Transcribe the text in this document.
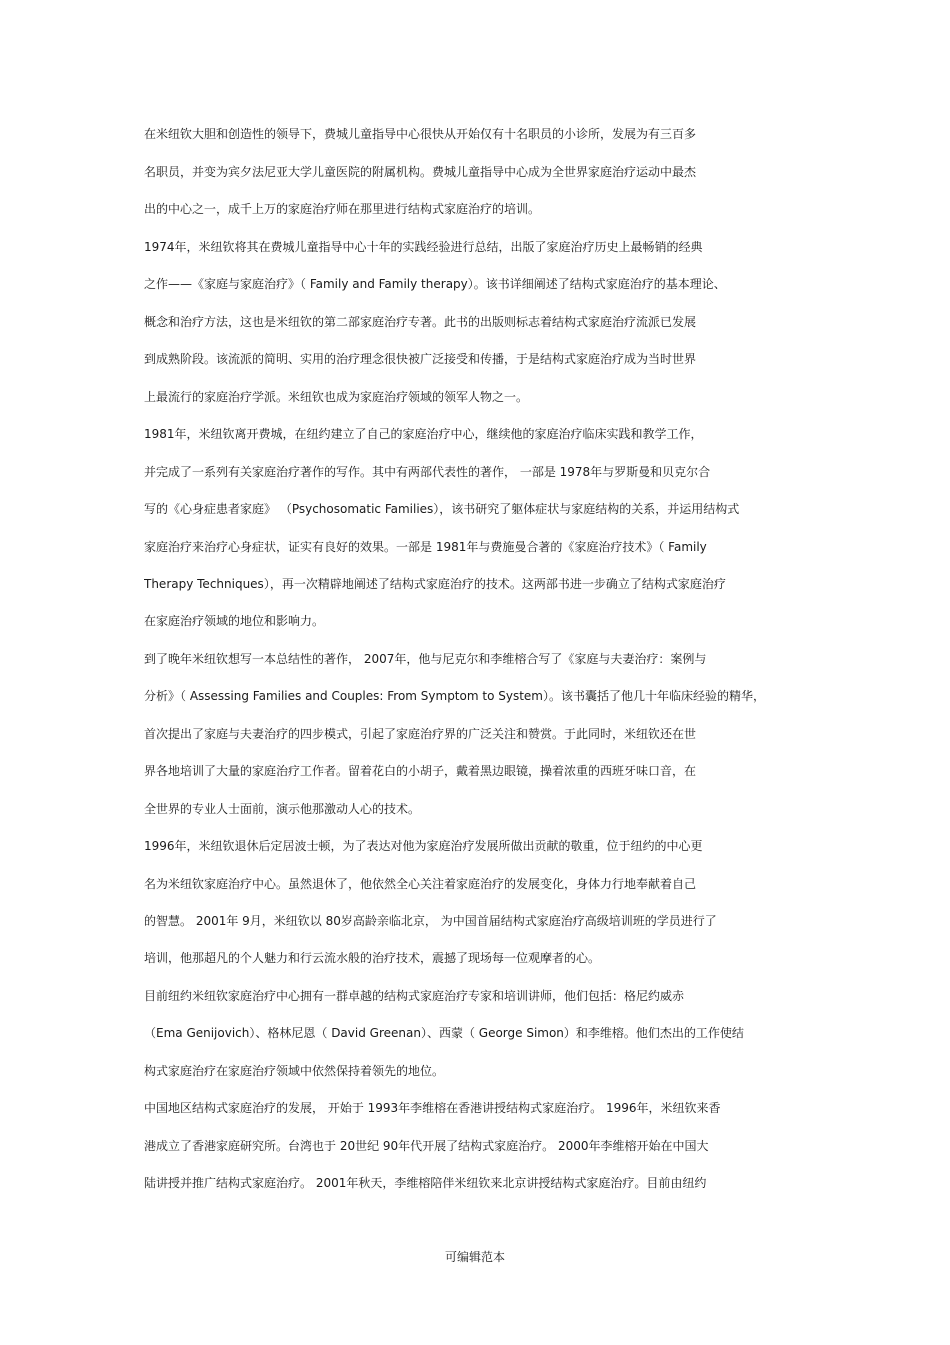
在米纽钦大胆和创造性的领导下，费城儿童指导中心很快从开始仅有十名职员的小诊所，发展为有三百多
名职员，并变为宾夕法尼亚大学儿童医院的附属机构。费城儿童指导中心成为全世界家庭治疗运动中最杰
出的中心之一，成千上万的家庭治疗师在那里进行结构式家庭治疗的培训。
1974年，米纽钦将其在费城儿童指导中心十年的实践经验进行总结，出版了家庭治疗历史上最畅销的经典
之作——《家庭与家庭治疗》（ Family and Family therapy）。该书详细阐述了结构式家庭治疗的基本理论、
概念和治疗方法，这也是米纽钦的第二部家庭治疗专著。此书的出版则标志着结构式家庭治疗流派已发展
到成熟阶段。该流派的简明、实用的治疗理念很快被广泛接受和传播，于是结构式家庭治疗成为当时世界
上最流行的家庭治疗学派。米纽钦也成为家庭治疗领域的领军人物之一。
1981年，米纽钦离开费城，在纽约建立了自己的家庭治疗中心，继续他的家庭治疗临床实践和教学工作，
并完成了一系列有关家庭治疗著作的写作。其中有两部代表性的著作， 一部是 1978年与罗斯曼和贝克尔合
写的《心身症患者家庭》 （Psychosomatic Families），该书研究了躯体症状与家庭结构的关系，并运用结构式
家庭治疗来治疗心身症状，证实有良好的效果。一部是 1981年与费施曼合著的《家庭治疗技术》（ Family
Therapy Techniques），再一次精辟地阐述了结构式家庭治疗的技术。这两部书进一步确立了结构式家庭治疗
在家庭治疗领域的地位和影响力。
到了晚年米纽钦想写一本总结性的著作， 2007年，他与尼克尔和李维榕合写了《家庭与夫妻治疗：案例与
分析》（ Assessing Families and Couples: From Symptom to System）。该书囊括了他几十年临床经验的精华，
首次提出了家庭与夫妻治疗的四步模式，引起了家庭治疗界的广泛关注和赞赏。于此同时，米纽钦还在世
界各地培训了大量的家庭治疗工作者。留着花白的小胡子，戴着黑边眼镜，操着浓重的西班牙味口音，在
全世界的专业人士面前，演示他那激动人心的技术。
1996年，米纽钦退休后定居波士顿，为了表达对他为家庭治疗发展所做出贡献的敬重，位于纽约的中心更
名为米纽钦家庭治疗中心。虽然退休了，他依然全心关注着家庭治疗的发展变化，身体力行地奉献着自己
的智慧。 2001年 9月，米纽钦以 80岁高龄亲临北京， 为中国首届结构式家庭治疗高级培训班的学员进行了
培训，他那超凡的个人魅力和行云流水般的治疗技术，震撼了现场每一位观摩者的心。
目前纽约米纽钦家庭治疗中心拥有一群卓越的结构式家庭治疗专家和培训讲师，他们包括：格尼约威赤
（Ema Genijovich）、格林尼恩（ David Greenan）、西蒙（ George Simon）和李维榕。他们杰出的工作使结
构式家庭治疗在家庭治疗领域中依然保持着领先的地位。
中国地区结构式家庭治疗的发展， 开始于 1993年李维榕在香港讲授结构式家庭治疗。 1996年，米纽钦来香
港成立了香港家庭研究所。台湾也于 20世纪 90年代开展了结构式家庭治疗。 2000年李维榕开始在中国大
陆讲授并推广结构式家庭治疗。 2001年秋天，李维榕陪伴米纽钦来北京讲授结构式家庭治疗。目前由纽约
可编辑范本
